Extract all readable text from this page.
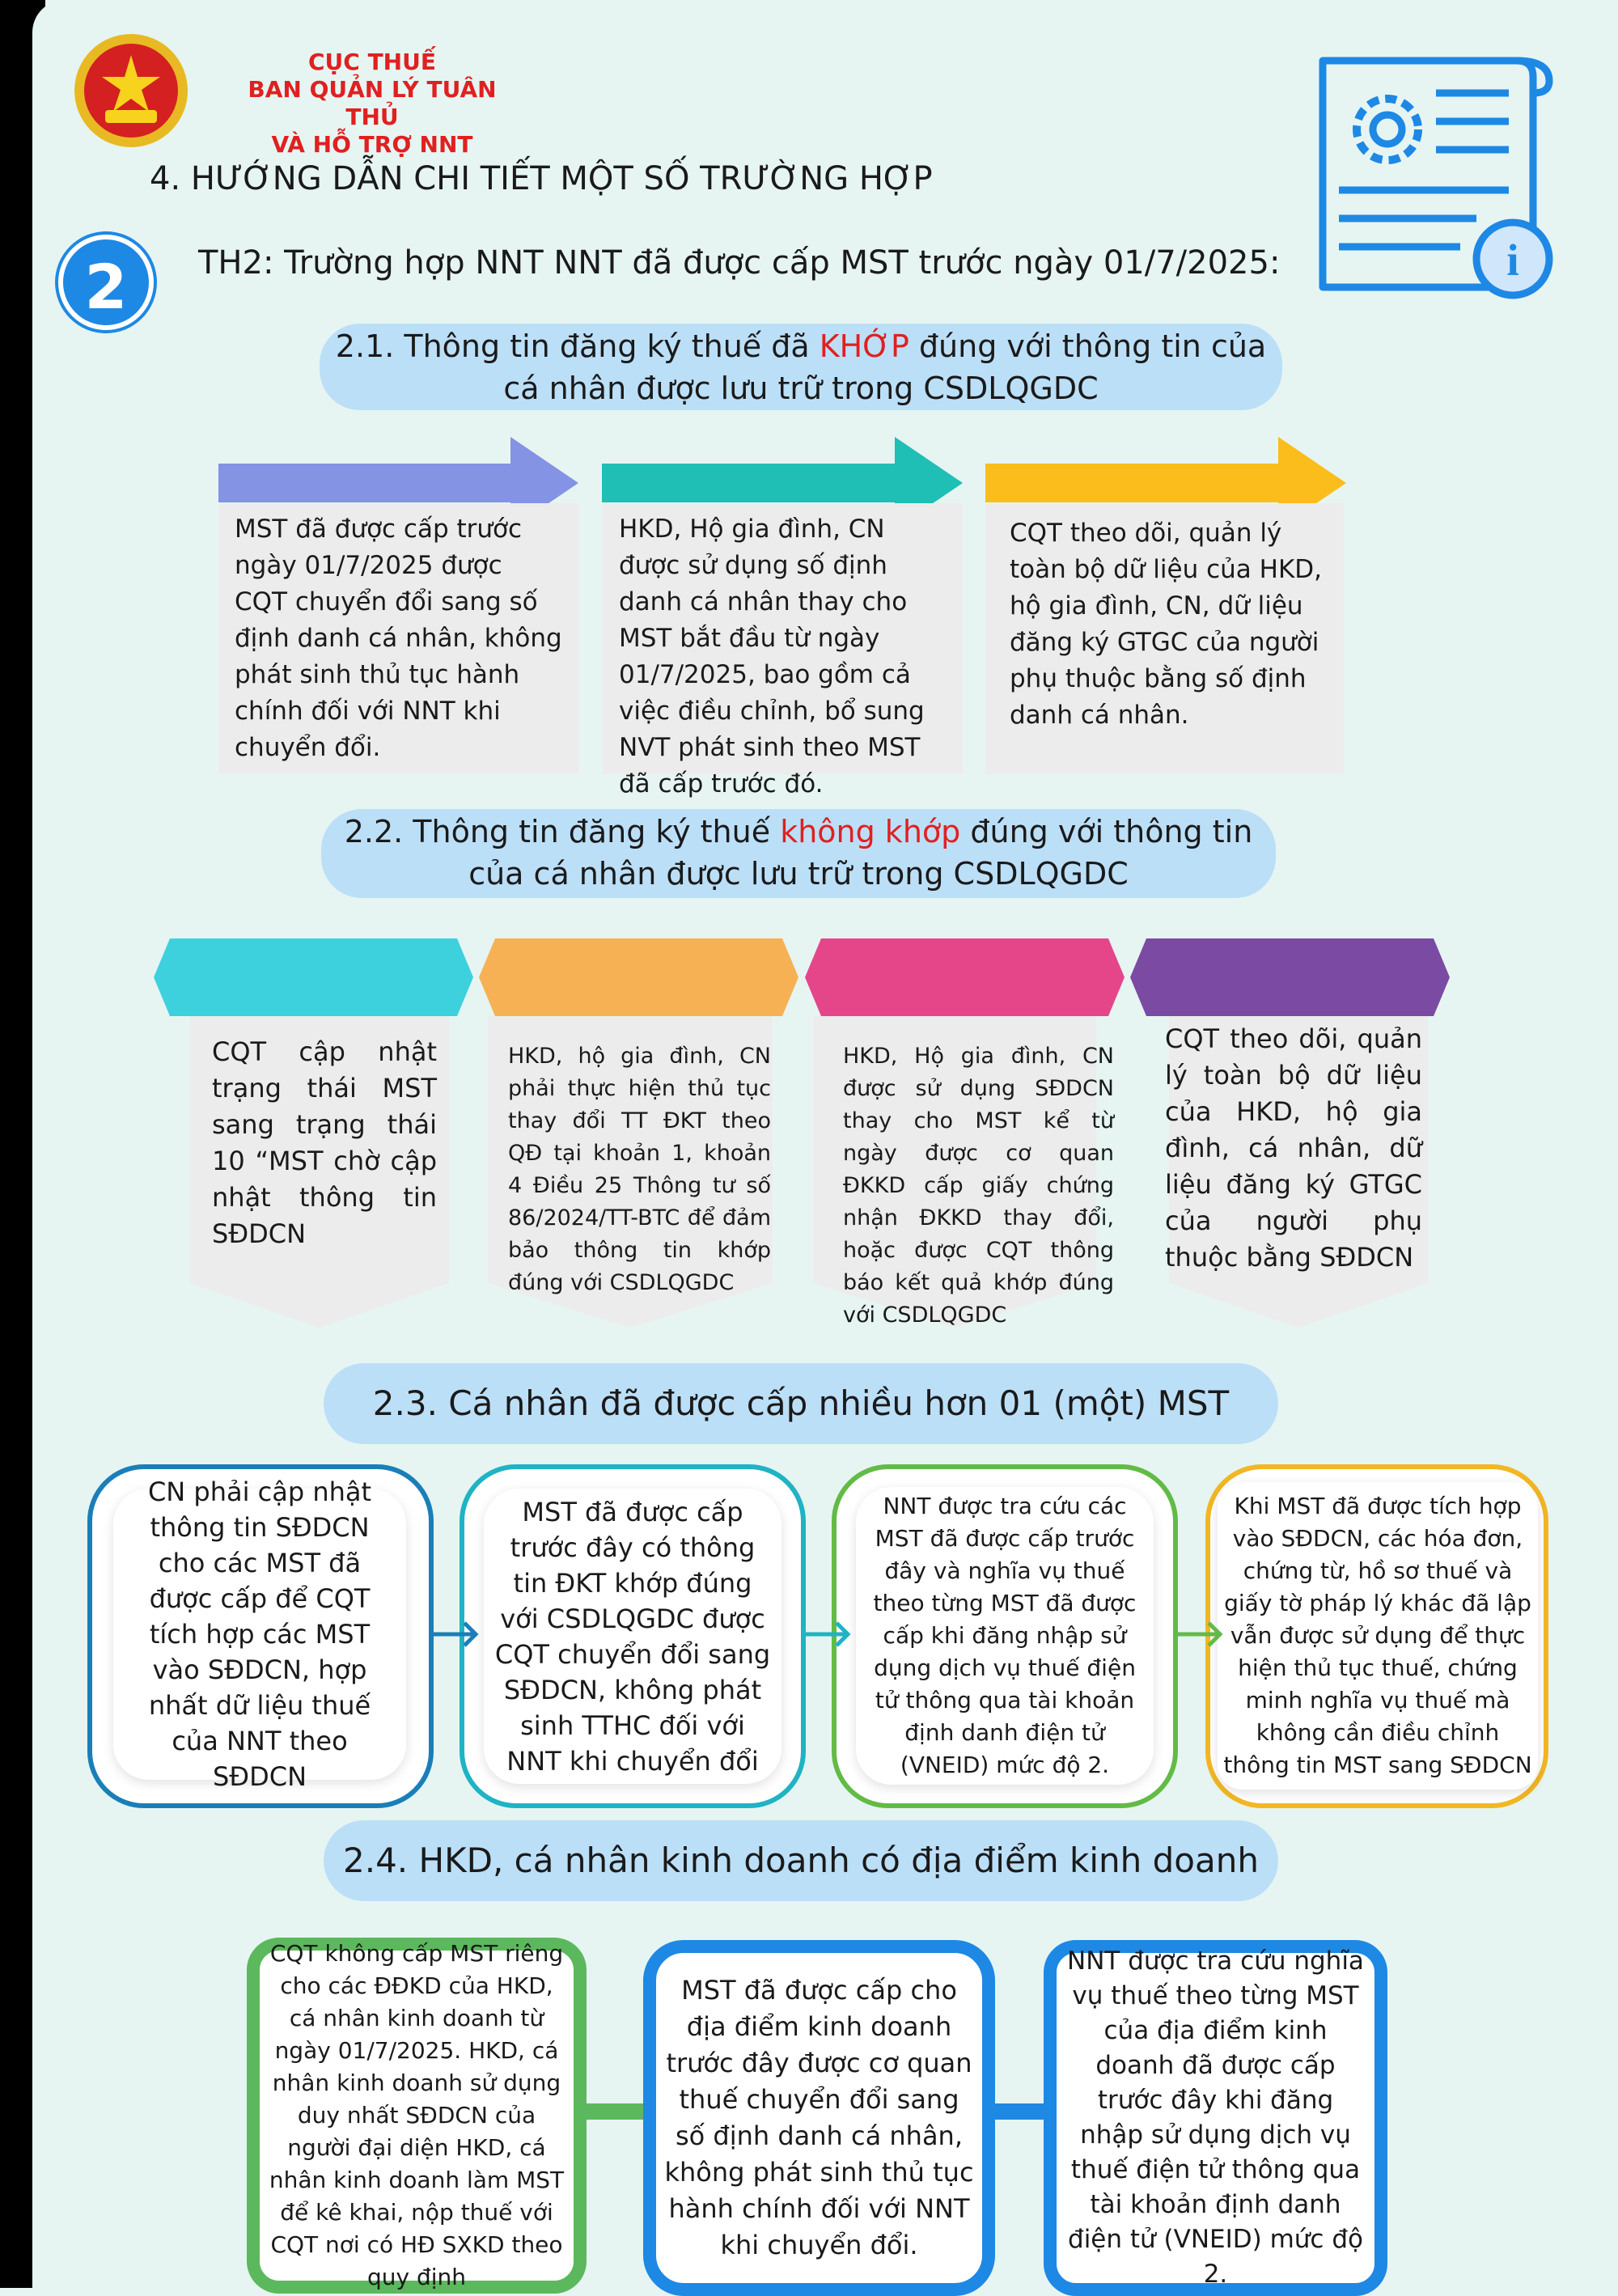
CỤC THUẾ
BAN QUẢN LÝ TUÂN THỦ
VÀ HỖ TRỢ NNT
i
4. HƯỚNG DẪN CHI TIẾT MỘT SỐ TRƯỜNG HỢP
2	TH2: Trường hợp NNT NNT đã được cấp MST trước ngày 01/7/2025:
2.1. Thông tin đăng ký thuế đã KHỚP đúng với thông tin của
cá nhân được lưu trữ trong CSDLQGDC
MST đã được cấp trước ngày 01/7/2025 được CQT chuyển đổi sang số định danh cá nhân, không phát sinh thủ tục hành chính đối với NNT khi chuyển đổi.
HKD, Hộ gia đình, CN được sử dụng số định danh cá nhân thay cho MST bắt đầu từ ngày 01/7/2025, bao gồm cả việc điều chỉnh, bổ sung NVT phát sinh theo MST đã cấp trước đó.
CQT theo dõi, quản lý toàn bộ dữ liệu của HKD, hộ gia đình, CN, dữ liệu đăng ký GTGC của người phụ thuộc bằng số định danh cá nhân.
2.2. Thông tin đăng ký thuế không khớp đúng với thông tin
của cá nhân được lưu trữ trong CSDLQGDC
CQT cập nhật trạng thái MST sang trạng thái 10 “MST chờ cập nhật thông tin SĐDCN
HKD, hộ gia đình, CN phải thực hiện thủ tục thay đổi TT ĐKT theo QĐ tại khoản 1, khoản 4 Điều 25 Thông tư số 86/2024/TT-BTC để đảm bảo thông tin khớp đúng với CSDLQGDC
HKD, Hộ gia đình, CN được sử dụng SĐDCN thay cho MST kể từ ngày được cơ quan ĐKKD cấp giấy chứng nhận ĐKKD thay đổi, hoặc được CQT thông báo kết quả khớp đúng với CSDLQGDC
CQT theo dõi, quản lý toàn bộ dữ liệu của HKD, hộ gia đình, cá nhân, dữ liệu đăng ký GTGC của người phụ thuộc bằng SĐDCN
2.3. Cá nhân đã được cấp nhiều hơn 01 (một) MST
CN phải cập nhật thông tin SĐDCN cho các MST đã được cấp để CQT tích hợp các MST vào SĐDCN, hợp nhất dữ liệu thuế của NNT theo SĐDCN
MST đã được cấp trước đây có thông tin ĐKT khớp đúng với CSDLQGDC được CQT chuyển đổi sang SĐDCN, không phát sinh TTHC đối với NNT khi chuyển đổi
NNT được tra cứu các MST đã được cấp trước đây và nghĩa vụ thuế theo từng MST đã được cấp khi đăng nhập sử dụng dịch vụ thuế điện tử thông qua tài khoản định danh điện tử (VNEID) mức độ 2.
Khi MST đã được tích hợp vào SĐDCN, các hóa đơn, chứng từ, hồ sơ thuế và giấy tờ pháp lý khác đã lập vẫn được sử dụng để thực hiện thủ tục thuế, chứng minh nghĩa vụ thuế mà không cần điều chỉnh thông tin MST sang SĐDCN
2.4. HKD, cá nhân kinh doanh có địa điểm kinh doanh
CQT không cấp MST riêng cho các ĐĐKD của HKD, cá nhân kinh doanh từ ngày 01/7/2025. HKD, cá nhân kinh doanh sử dụng duy nhất SĐDCN của người đại diện HKD, cá nhân kinh doanh làm MST để kê khai, nộp thuế với CQT nơi có HĐ SXKD theo quy định
MST đã được cấp cho địa điểm kinh doanh trước đây được cơ quan thuế chuyển đổi sang số định danh cá nhân, không phát sinh thủ tục hành chính đối với NNT khi chuyển đổi.
NNT được tra cứu nghĩa vụ thuế theo từng MST của địa điểm kinh doanh đã được cấp trước đây khi đăng nhập sử dụng dịch vụ thuế điện tử thông qua tài khoản định danh điện tử (VNEID) mức độ 2.
